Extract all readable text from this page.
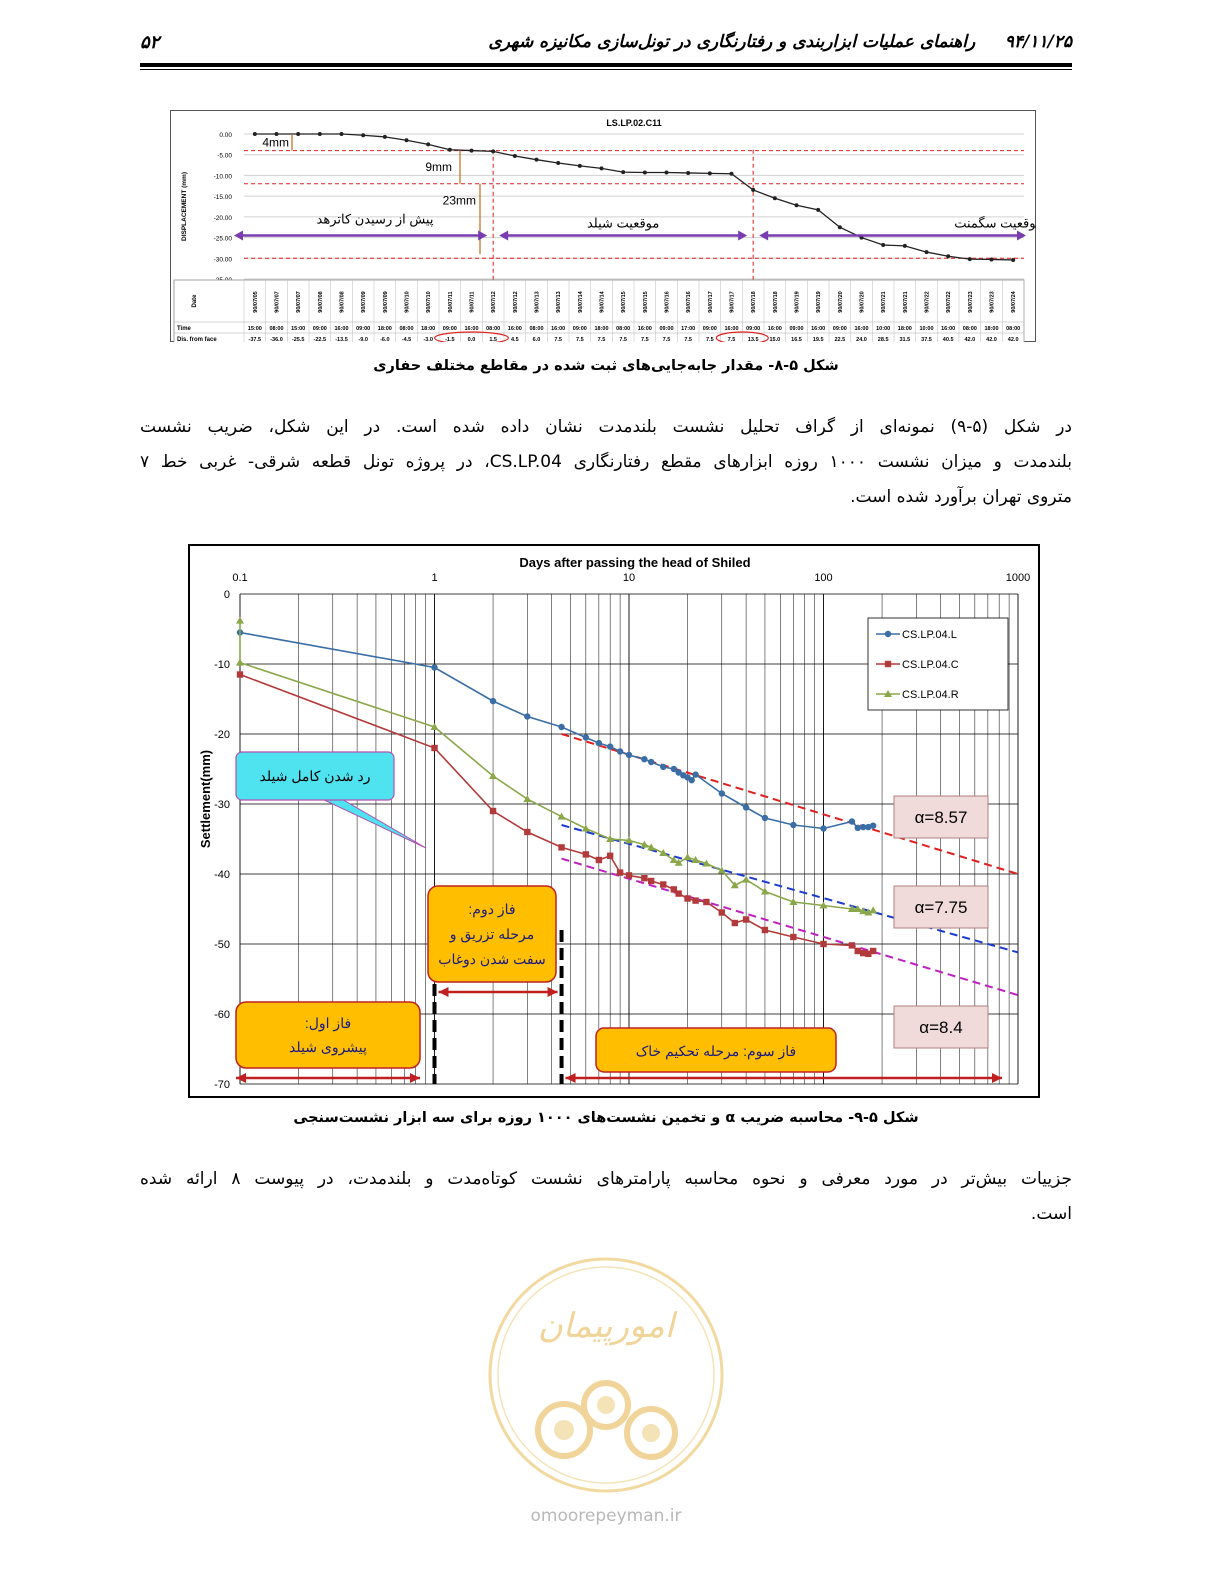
۹۴/۱۱/۲۵     راهنمای عملیات ابزاربندی و رفتارنگاری در تونل‌سازی مکانیزه شهری
۵۲
LS.LP.02.C11
0.00
-5.00
-10.00
-15.00
-20.00
-25.00
-30.00
DISPLACEMENT (mm)
4mm
9mm
23mm
پیش از رسیدن کاترهد	موقعیت شیلد	موقعیت سگمنت
Date
Time
Dis. from face
90/07/05	90/07/07	90/07/07	90/07/08	90/07/08	90/07/09	90/07/09	90/07/10	90/07/10	90/07/11	90/07/11	90/07/12	90/07/12	90/07/13	90/07/13	90/07/14	90/07/14	90/07/15	90/07/15	90/07/16	90/07/16	90/07/17	90/07/17	90/07/18	90/07/18	90/07/19	90/07/19	90/07/20	90/07/20	90/07/21	90/07/21	90/07/22	90/07/22	90/07/23	90/07/23	90/07/24
15:00 08:00 15:00 09:00 16:00 09:00 18:00 08:00 18:00 09:00 16:00 08:00 16:00 08:00 16:00 09:00 18:00 08:00 16:00 09:00 17:00 09:00 16:00 09:00 16:00 09:00 16:00 09:00 16:00 10:00 18:00 10:00 16:00 08:00 18:00 08:00
-37.5 -36.0 -25.5 -22.5 -13.5 -9.0 -6.0 -4.5 -3.0 -1.5 0.0	1.5	4.5	6.0	7.5	7.5	7.5	7.5	7.5	7.5	7.5	7.5	7.5 13.5 15.0 16.5 19.5 22.5 24.0 28.5 31.5 37.5 40.5 42.0 42.0 42.0
شکل ۵-۸- مقدار جابه‌جایی‌های ثبت شده در مقاطع مختلف حفاری
در شکل (۵-۹) نمونه‌ای از گراف تحلیل نشست بلندمدت نشان داده شده است. در این شکل، ضریب نشست
بلندمدت و میزان نشست ۱۰۰۰ روزه ابزارهای مقطع رفتارنگاری CS.LP.04، در پروژه تونل قطعه شرقی- غربی خط ۷
متروی تهران برآورد شده است.
Days after passing the head of Shiled
0
-10
-20
-30
-40
-50
-60
-70
0.1	1	10	100	1000
Settlement(mm)
CS.LP.04.L
CS.LP.04.C
CS.LP.04.R
α=8.57
α=7.75
α=8.4
رد شدن کامل شیلد
فاز دوم:
مرحله تزریق و
سفت شدن دوغاب
فاز اول:
پیشروی شیلد	فاز سوم: مرحله تحکیم خاک
شکل ۵-۹- محاسبه ضریب α و تخمین نشست‌های ۱۰۰۰ روزه برای سه ابزار نشست‌سنجی
جزییات بیش‌تر در مورد معرفی و نحوه محاسبه پارامترهای نشست کوتاه‌مدت و بلندمدت، در پیوست ۸ ارائه شده
است.
امورپیمان
omoorepeyman.ir
